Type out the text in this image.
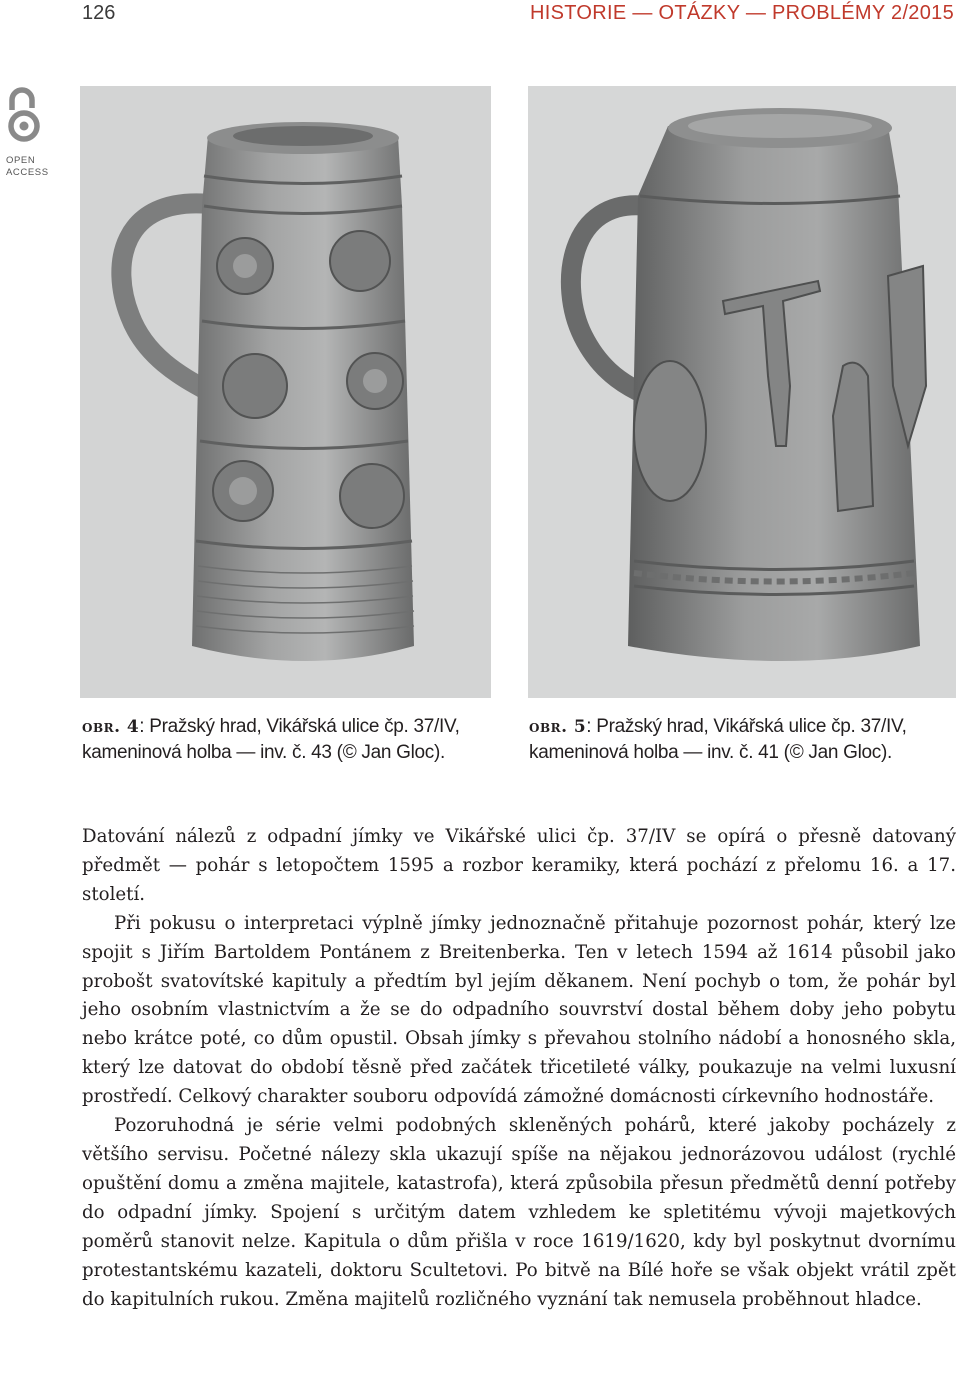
126	HISTORIE — OTÁZKY — PROBLÉMY 2/2015
OPEN
ACCESS
obr. 4: Pražský hrad, Vikářská ulice čp. 37/IV, kameninová holba — inv. č. 43 (© Jan Gloc).
obr. 5: Pražský hrad, Vikářská ulice čp. 37/IV, kameninová holba — inv. č. 41 (© Jan Gloc).

Datování nálezů z odpadní jímky ve Vikářské ulici čp. 37/IV se opírá o přesně datovaný předmět — pohár s letopočtem 1595 a rozbor keramiky, která pochází z přelomu 16. a 17. století.

Při pokusu o interpretaci výplně jímky jednoznačně přitahuje pozornost pohár, který lze spojit s Jiřím Bartoldem Pontánem z Breitenberka. Ten v letech 1594 až 1614 působil jako probošt svatovítské kapituly a předtím byl jejím děkanem. Není pochyb o tom, že pohár byl jeho osobním vlastnictvím a že se do odpadního souvrství dostal během doby jeho pobytu nebo krátce poté, co dům opustil. Obsah jímky s převahou stolního nádobí a honosného skla, který lze datovat do období těsně před začátek třicetileté války, poukazuje na velmi luxusní prostředí. Celkový charakter souboru odpovídá zámožné domácnosti církevního hodnostáře.

Pozoruhodná je série velmi podobných skleněných pohárů, které jakoby pocházely z většího servisu. Početné nálezy skla ukazují spíše na nějakou jednorázovou událost (rychlé opuštění domu a změna majitele, katastrofa), která způsobila přesun předmětů denní potřeby do odpadní jímky. Spojení s určitým datem vzhledem ke spletitému vývoji majetkových poměrů stanovit nelze. Kapitula o dům přišla v roce 1619/1620, kdy byl poskytnut dvornímu protestantskému kazateli, doktoru Scultetovi. Po bitvě na Bílé hoře se však objekt vrátil zpět do kapitulních rukou. Změna majitelů rozličného vyznání tak nemusela proběhnout hladce.
